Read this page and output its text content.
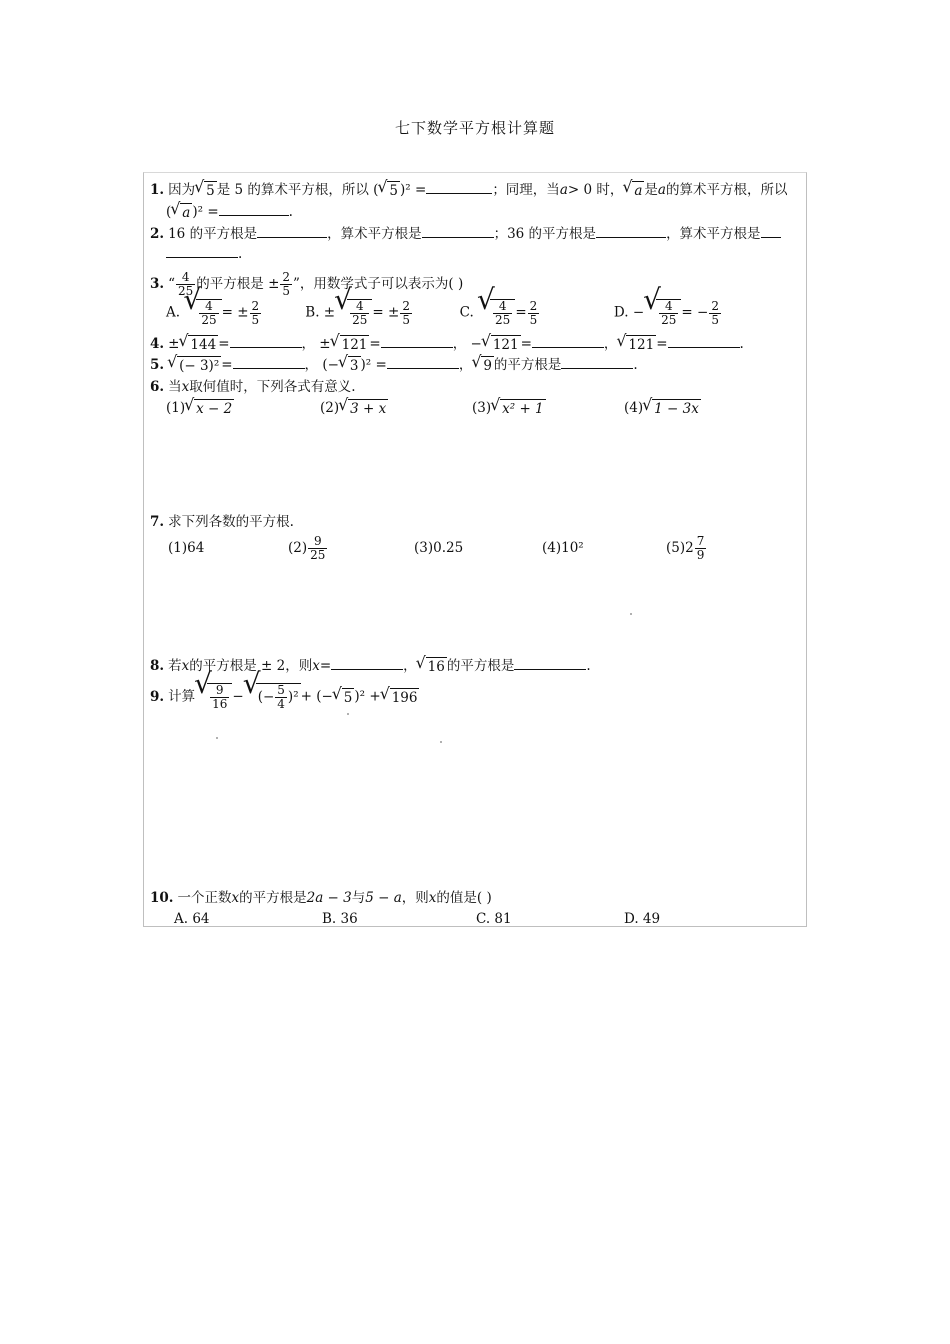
七下数学平方根计算题
1. 因为 √ 5 是 5 的算术平方根，所以 ( √ 5 )² =	；同理，当a> 0 时， √ a 是a的算术平方根，所以
( √ a )² =	.
2. 16 的平方根是	，算术平方根是	；36 的平方根是	，算术平方根是
.
3. “ $\frac{4}{25}$ 的平方根是 ± $\frac{2}{5}$ ”，用数学式子可以表示为( )
A. √ $\frac{4}{25}$ = ± $\frac{2}{5}$	B. ± √ $\frac{4}{25}$ = ± $\frac{2}{5}$	C. √ $\frac{4}{25} = \frac{2}{5}$	D. − √ $\frac{4}{25}$ = − $\frac{2}{5}$
4. ± √ 144 =	， ± √ 121 =	， − √ 121 =	， √ 121 =	.
5. √ (− 3)² =	， (− √ 3 )² =	， √ 9 的平方根是	.
6. 当x取何值时，下列各式有意义.
(1) √ x − 2	(2) √ 3 + x	(3) √ x² + 1	(4) √ 1 − 3x
7. 求下列各数的平方根.
(1)64	$(2) \frac{9}{25}$	(3)0.25	(4)10²	$(5)2 \frac{7}{9}$
8. 若x的平方根是 ± 2，则x=	， √ 16 的平方根是	.
9. 计算 √ $\frac{9}{16}$ − √ (− $\frac{5}{4} )^2$ + (− √ 5 )² + √ 196
10. 一个正数x的平方根是2a − 3与5 − a，则x的值是( )
A. 64	B. 36	C. 81	D. 49
